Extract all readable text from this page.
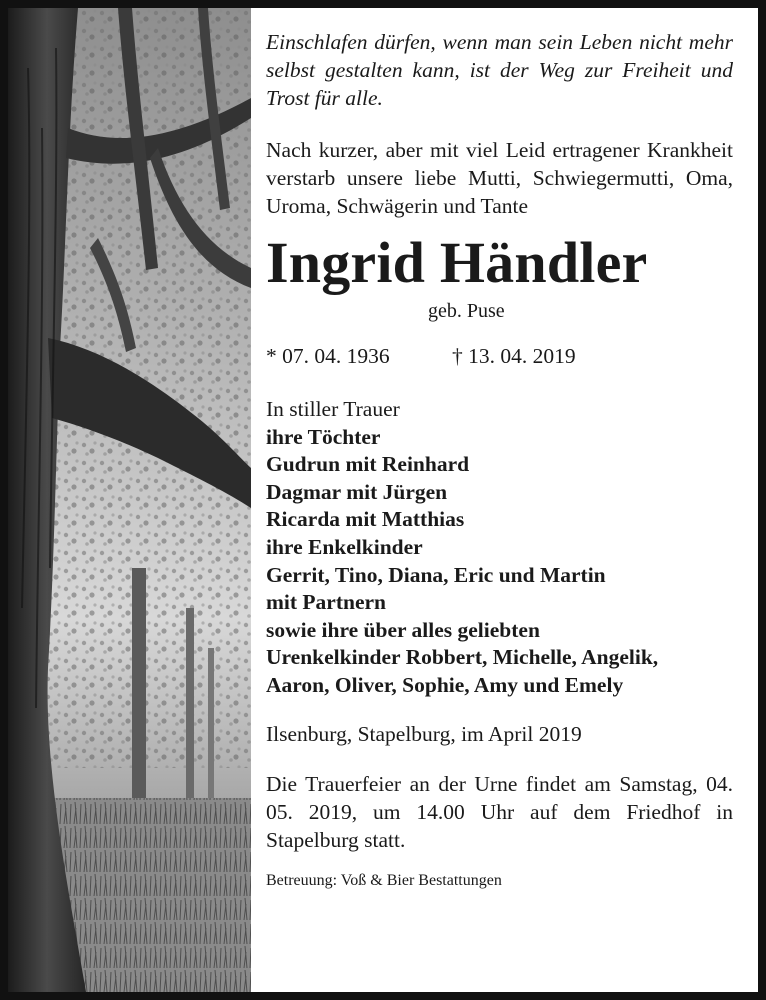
Einschlafen dürfen, wenn man sein Leben nicht mehr selbst gestalten kann, ist der Weg zur Freiheit und Trost für alle.

Nach kurzer, aber mit viel Leid ertragener Krankheit verstarb unsere liebe Mutti, Schwiegermutti, Oma, Uroma, Schwägerin und Tante

Ingrid Händler
geb. Puse
* 07. 04. 1936	† 13. 04. 2019
In stiller Trauer
ihre Töchter
Gudrun mit Reinhard
Dagmar mit Jürgen
Ricarda mit Matthias
ihre Enkelkinder
Gerrit, Tino, Diana, Eric und Martin
mit Partnern
sowie ihre über alles geliebten
Urenkelkinder Robbert, Michelle, Angelik,
Aaron, Oliver, Sophie, Amy und Emely
Ilsenburg, Stapelburg, im April 2019

Die Trauerfeier an der Urne findet am Samstag, 04. 05. 2019, um 14.00 Uhr auf dem Friedhof in Stapelburg statt.

Betreuung: Voß & Bier Bestattungen
